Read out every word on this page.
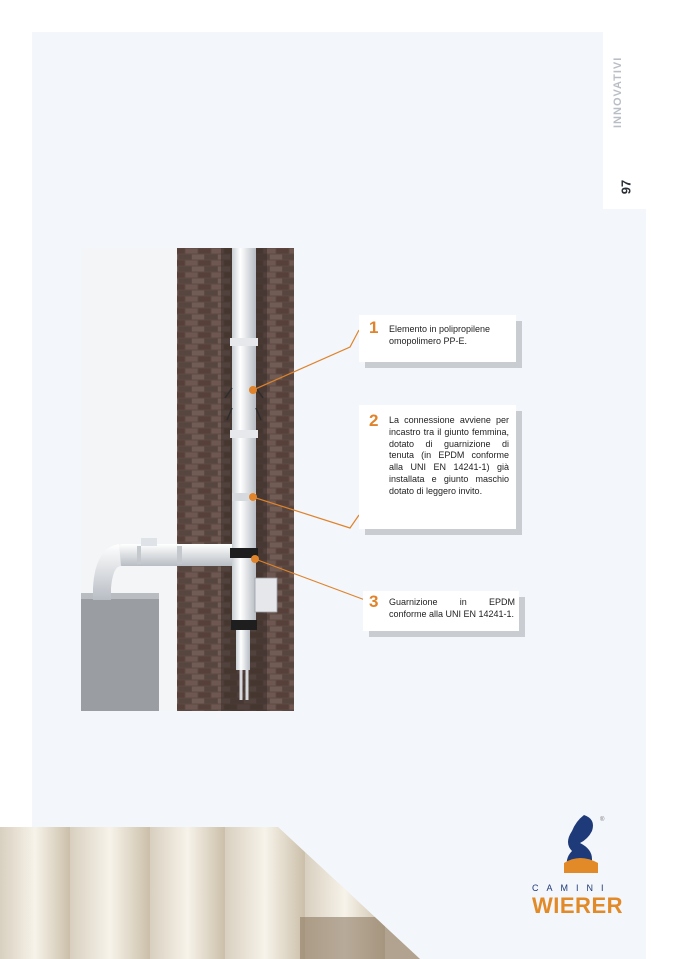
INNOVATIVI
97
1 Elemento in polipropilene omopolimero PP-E.
2 La connessione avviene per incastro tra il giunto femmina, dotato di guarnizione di tenuta (in EPDM conforme alla UNI EN 14241-1) già installata e giunto maschio dotato di leggero invito.
3 Guarnizione in EPDM conforme alla UNI EN 14241-1.
®
CAMINI
WIERER
